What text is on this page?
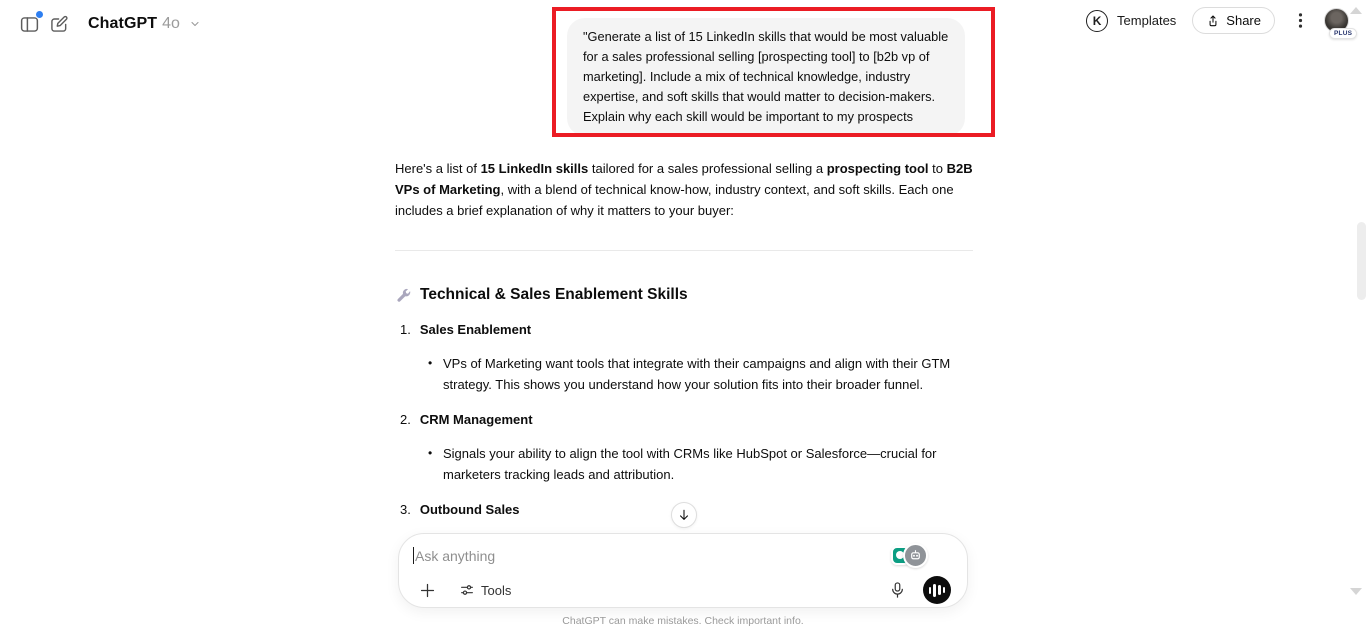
ChatGPT 4o	K	Templates	Share
PLUS
"Generate a list of 15 LinkedIn skills that would be most valuable for a sales professional selling [prospecting tool] to [b2b vp of marketing]. Include a mix of technical knowledge, industry expertise, and soft skills that would matter to decision-makers. Explain why each skill would be important to my prospects

Here's a list of 15 LinkedIn skills tailored for a sales professional selling a prospecting tool to B2B VPs of Marketing, with a blend of technical know-how, industry context, and soft skills. Each one includes a brief explanation of why it matters to your buyer:

Technical & Sales Enablement Skills
1. Sales Enablement
• VPs of Marketing want tools that integrate with their campaigns and align with their GTM strategy. This shows you understand how your solution fits into their broader funnel.
2. CRM Management
• Signals your ability to align the tool with CRMs like HubSpot or Salesforce—crucial for marketers tracking leads and attribution.
3. Outbound Sales
•
Ask anything
Tools
ChatGPT can make mistakes. Check important info.
